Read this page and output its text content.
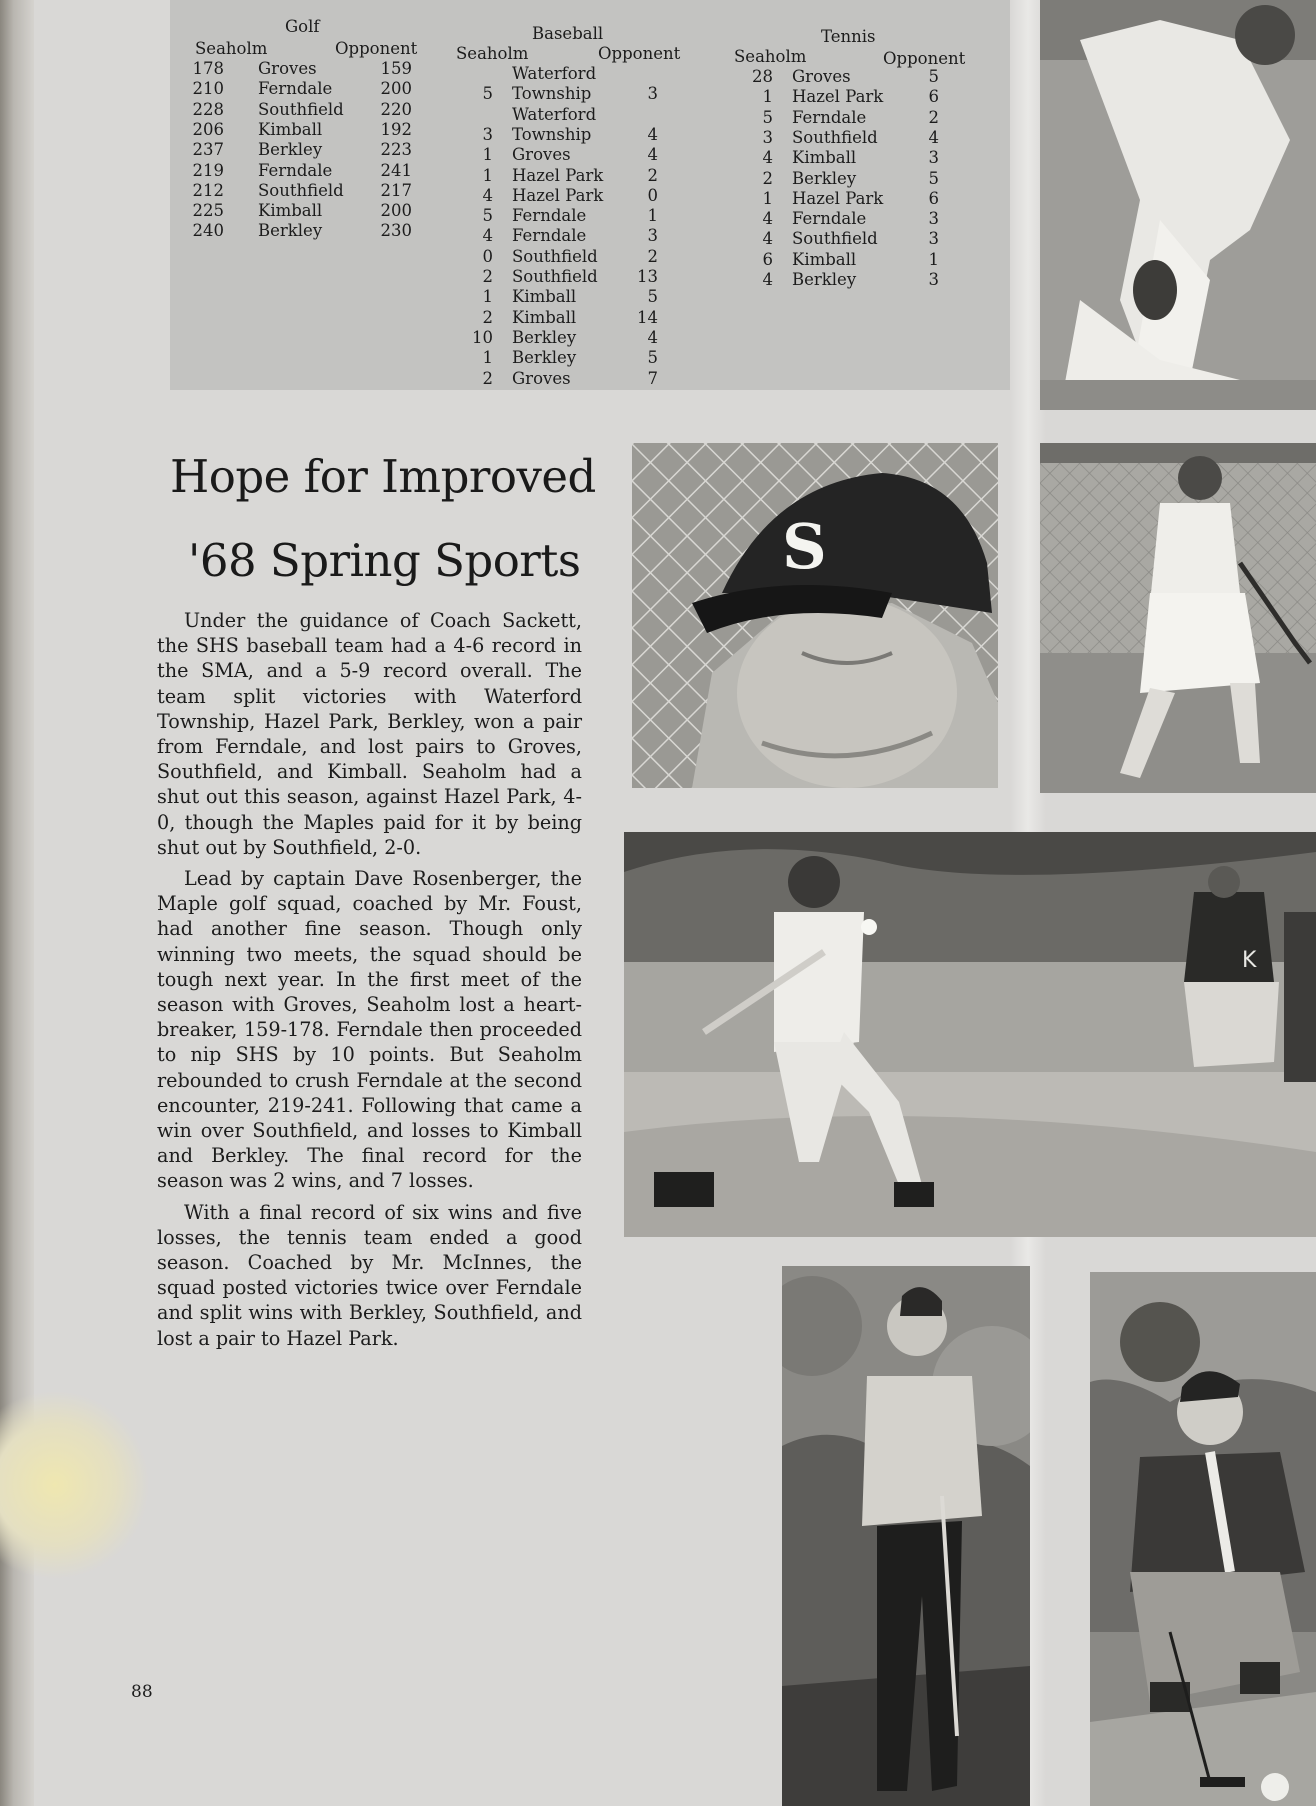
Golf
Seaholm	Opponent
178 Groves	159
210 Ferndale	200
228 Southfield	220
206 Kimball	192
237 Berkley	223
219 Ferndale	241
212 Southfield	217
225 Kimball	200
240 Berkley	230
Baseball
Seaholm	Opponent
Waterford
5 Township	3
Waterford
3 Township	4
1 Groves	4
1 Hazel Park	2
4 Hazel Park	0
5 Ferndale	1
4 Ferndale	3
0 Southfield	2
2 Southfield	13
1 Kimball	5
2 Kimball	14
10 Berkley	4
1 Berkley	5
2 Groves	7
Tennis
Seaholm	Opponent
28 Groves	5
1 Hazel Park	6
5 Ferndale	2
3 Southfield	4
4 Kimball	3
2 Berkley	5
1 Hazel Park	6
4 Ferndale	3
4 Southfield	3
6 Kimball	1
4 Berkley	3
Hope for Improved
'68 Spring Sports

Under the guidance of Coach Sackett, the SHS baseball team had a 4-6 record in the SMA, and a 5-9 record overall. The team split victories with Waterford Township, Hazel Park, Berkley, won a pair from Ferndale, and lost pairs to Groves, Southfield, and Kimball. Seaholm had a shut out this season, against Hazel Park, 4-0, though the Maples paid for it by being shut out by Southfield, 2-0.

Lead by captain Dave Rosenberger, the Maple golf squad, coached by Mr. Foust, had another fine season. Though only winning two meets, the squad should be tough next year. In the first meet of the season with Groves, Seaholm lost a heart-breaker, 159-178. Ferndale then proceeded to nip SHS by 10 points. But Seaholm rebounded to crush Ferndale at the second encounter, 219-241. Following that came a win over Southfield, and losses to Kimball and Berkley. The final record for the season was 2 wins, and 7 losses.

With a final record of six wins and five losses, the tennis team ended a good season. Coached by Mr. McInnes, the squad posted victories twice over Ferndale and split wins with Berkley, Southfield, and lost a pair to Hazel Park.

88
S
K
